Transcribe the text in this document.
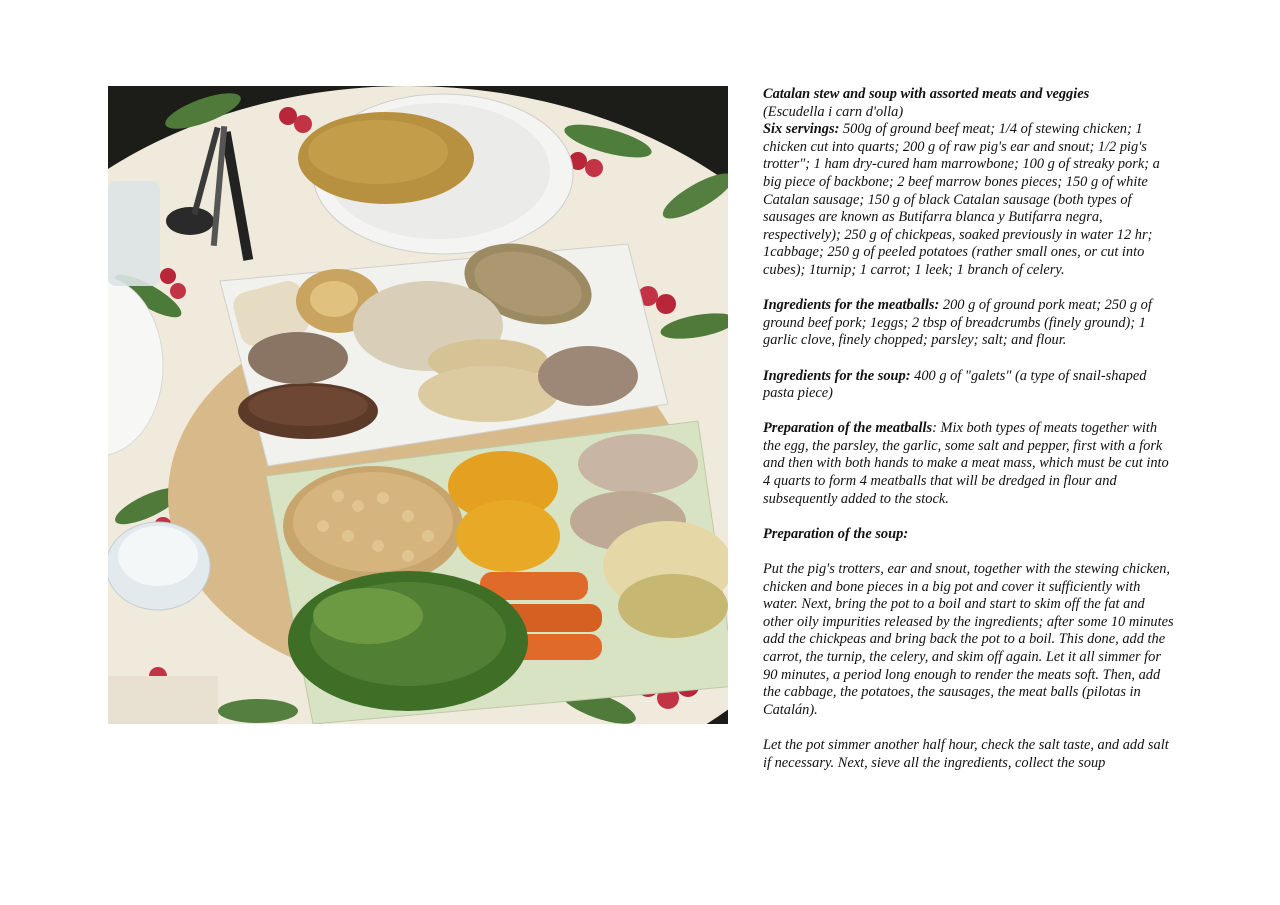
Catalan stew and soup with assorted meats and veggies
(Escudella i carn d'olla)
Six servings: 500g of ground beef meat; 1/4 of stewing chicken; 1 chicken cut into quarts; 200 g of raw pig's ear and snout; 1/2 pig's trotter"; 1 ham dry-cured ham marrowbone; 100 g of streaky pork; a big piece of backbone; 2 beef marrow bones pieces; 150 g of white Catalan sausage; 150 g of black Catalan sausage (both types of sausages are known as Butifarra blanca y Butifarra negra, respectively); 250 g of chickpeas, soaked previously in water 12 hr; 1cabbage; 250 g of peeled potatoes (rather small ones, or cut into cubes); 1turnip; 1 carrot; 1 leek; 1 branch of celery.

Ingredients for the meatballs: 200 g of ground pork meat; 250 g of ground beef pork; 1eggs; 2 tbsp of breadcrumbs (finely ground); 1 garlic clove, finely chopped; parsley; salt; and flour.

Ingredients for the soup: 400 g of "galets" (a type of snail-shaped pasta piece)

Preparation of the meatballs: Mix both types of meats together with the egg, the parsley, the garlic, some salt and pepper, first with a fork and then with both hands to make a meat mass, which must be cut into 4 quarts to form 4 meatballs that will be dredged in flour and subsequently added to the stock.

Preparation of the soup:

Put the pig's trotters, ear and snout, together with the stewing chicken, chicken and bone pieces in a big pot and cover it sufficiently with water. Next, bring the pot to a boil and start to skim off the fat and other oily impurities released by the ingredients; after some 10 minutes add the chickpeas and bring back the pot to a boil. This done, add the carrot, the turnip, the celery, and skim off again. Let it all simmer for 90 minutes, a period long enough to render the meats soft. Then, add the cabbage, the potatoes, the sausages, the meat balls (pilotas in Catalán).

Let the pot simmer another half hour, check the salt taste, and add salt if necessary. Next, sieve all the ingredients, collect the soup
